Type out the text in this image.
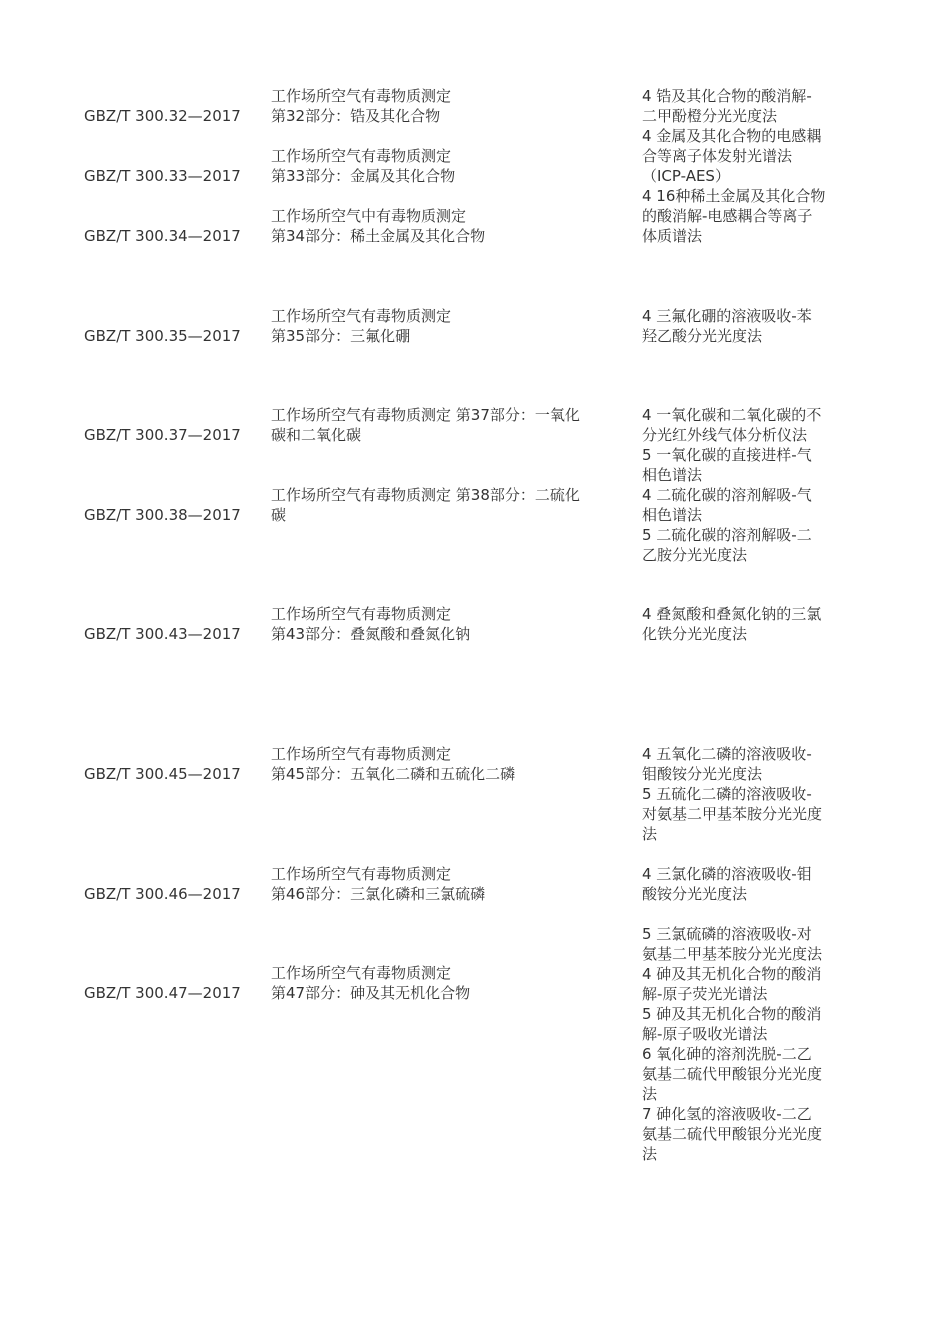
GBZ/T 300.32—2017
工作场所空气有毒物质测定
第32部分：锆及其化合物
4 锆及其化合物的酸消解-
二甲酚橙分光光度法
GBZ/T 300.33—2017
工作场所空气有毒物质测定
第33部分：金属及其化合物
4 金属及其化合物的电感耦
合等离子体发射光谱法
（ICP-AES）
GBZ/T 300.34—2017
工作场所空气中有毒物质测定
第34部分：稀土金属及其化合物
4 16种稀土金属及其化合物
的酸消解-电感耦合等离子
体质谱法
GBZ/T 300.35—2017
工作场所空气有毒物质测定
第35部分：三氟化硼
4 三氟化硼的溶液吸收-苯
羟乙酸分光光度法
GBZ/T 300.37—2017
工作场所空气有毒物质测定 第37部分：一氧化
碳和二氧化碳
4 一氧化碳和二氧化碳的不
分光红外线气体分析仪法
5 一氧化碳的直接进样-气
相色谱法
GBZ/T 300.38—2017
工作场所空气有毒物质测定 第38部分：二硫化
碳
4 二硫化碳的溶剂解吸-气
相色谱法
5 二硫化碳的溶剂解吸-二
乙胺分光光度法
GBZ/T 300.43—2017
工作场所空气有毒物质测定
第43部分：叠氮酸和叠氮化钠
4 叠氮酸和叠氮化钠的三氯
化铁分光光度法
GBZ/T 300.45—2017
工作场所空气有毒物质测定
第45部分：五氧化二磷和五硫化二磷
4 五氧化二磷的溶液吸收-
钼酸铵分光光度法
5 五硫化二磷的溶液吸收-
对氨基二甲基苯胺分光光度
法
GBZ/T 300.46—2017
工作场所空气有毒物质测定
第46部分：三氯化磷和三氯硫磷
4 三氯化磷的溶液吸收-钼
酸铵分光光度法
GBZ/T 300.47—2017
工作场所空气有毒物质测定
第47部分：砷及其无机化合物
5 三氯硫磷的溶液吸收-对
氨基二甲基苯胺分光光度法
4 砷及其无机化合物的酸消
解-原子荧光光谱法
5 砷及其无机化合物的酸消
解-原子吸收光谱法
6 氧化砷的溶剂洗脱-二乙
氨基二硫代甲酸银分光光度
法
7 砷化氢的溶液吸收-二乙
氨基二硫代甲酸银分光光度
法
